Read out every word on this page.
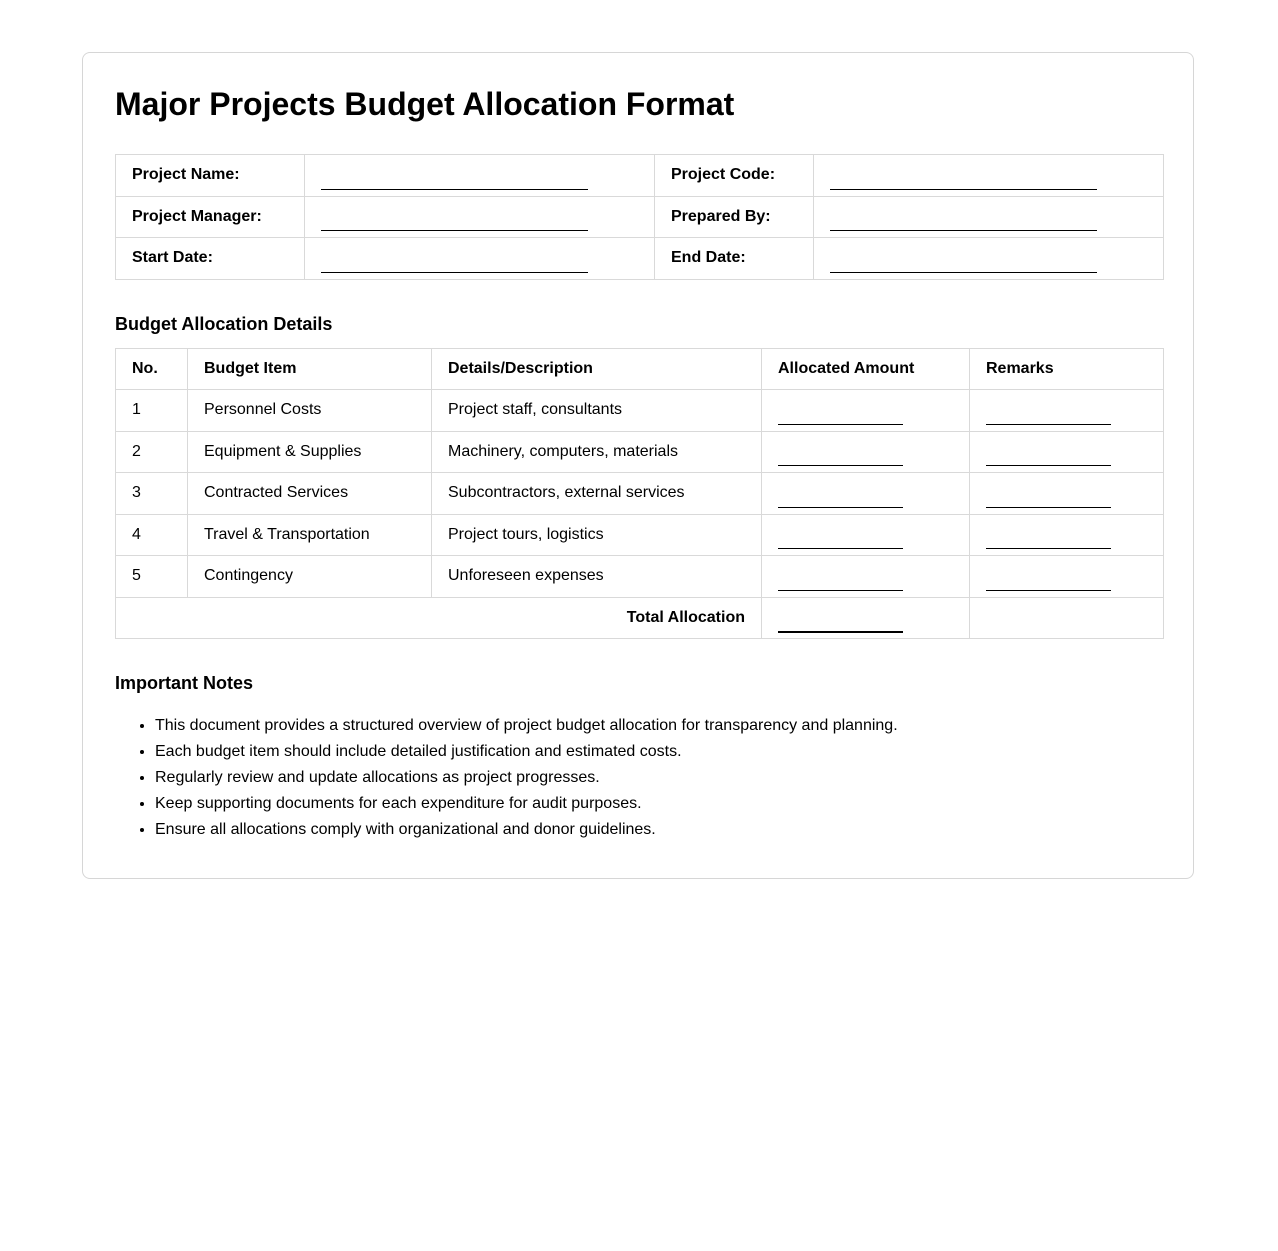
Major Projects Budget Allocation Format
Project Name:		Project Code:	
Project Manager:		Prepared By:	
Start Date:		End Date:	
Budget Allocation Details
No.	Budget Item	Details/Description	Allocated Amount	Remarks
1	Personnel Costs	Project staff, consultants		
2	Equipment & Supplies	Machinery, computers, materials		
3	Contracted Services	Subcontractors, external services		
4	Travel & Transportation	Project tours, logistics		
5	Contingency	Unforeseen expenses		
Total Allocation				
Important Notes
• This document provides a structured overview of project budget allocation for transparency and planning.
• Each budget item should include detailed justification and estimated costs.
• Regularly review and update allocations as project progresses.
• Keep supporting documents for each expenditure for audit purposes.
• Ensure all allocations comply with organizational and donor guidelines.
